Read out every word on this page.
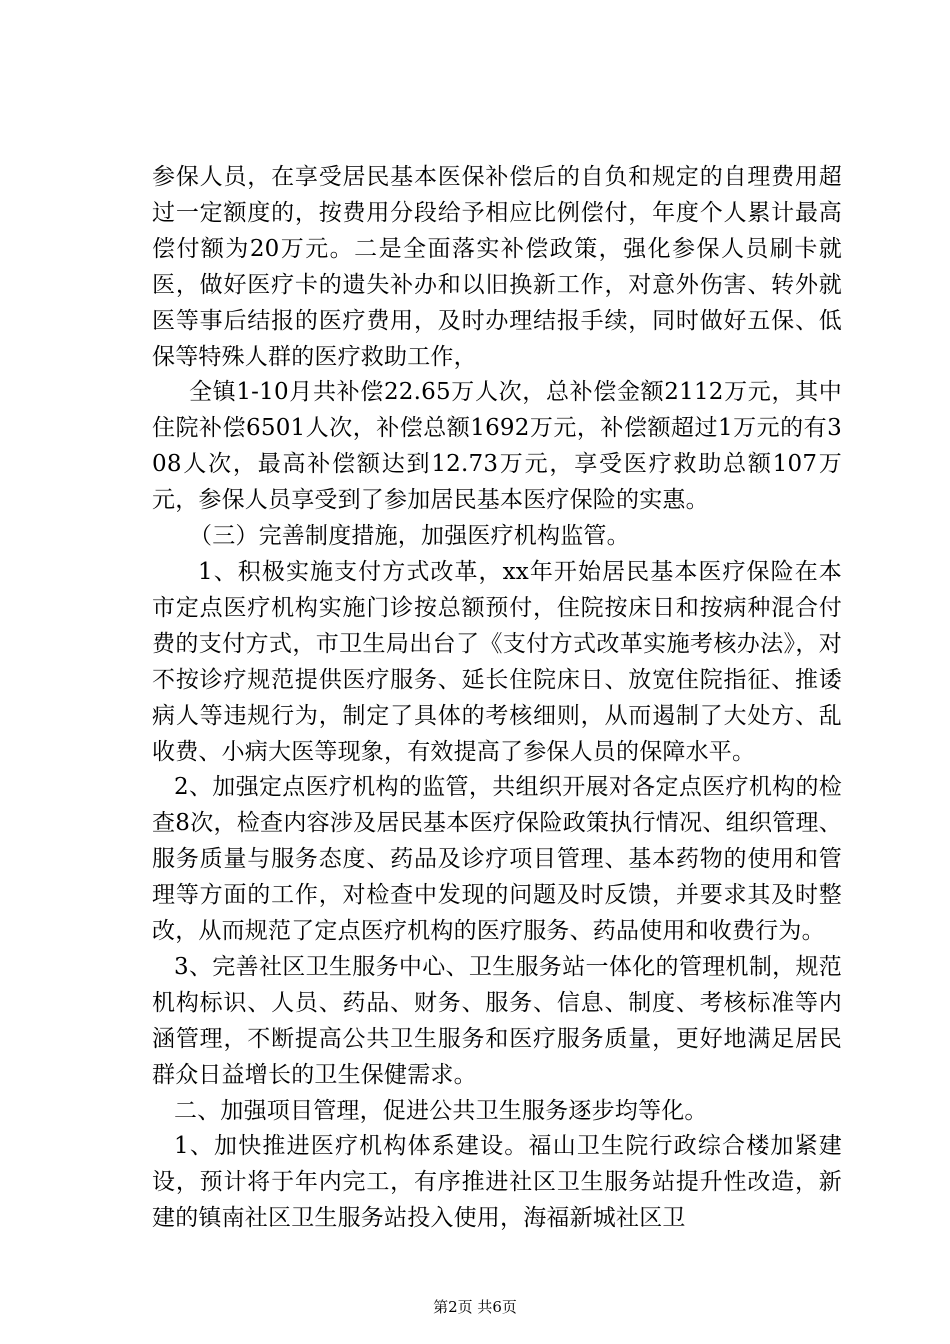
参保人员，在享受居民基本医保补偿后的自负和规定的自理费用超过一定额度的，按费用分段给予相应比例偿付，年度个人累计最高偿付额为20万元。二是全面落实补偿政策，强化参保人员刷卡就医，做好医疗卡的遗失补办和以旧换新工作，对意外伤害、转外就医等事后结报的医疗费用，及时办理结报手续，同时做好五保、低保等特殊人群的医疗救助工作，

全镇1-10月共补偿22.65万人次，总补偿金额2112万元，其中住院补偿6501人次，补偿总额1692万元，补偿额超过1万元的有308人次，最高补偿额达到12.73万元，享受医疗救助总额107万元，参保人员享受到了参加居民基本医疗保险的实惠。

（三）完善制度措施，加强医疗机构监管。

1、积极实施支付方式改革，xx年开始居民基本医疗保险在本市定点医疗机构实施门诊按总额预付，住院按床日和按病种混合付费的支付方式，市卫生局出台了《支付方式改革实施考核办法》，对不按诊疗规范提供医疗服务、延长住院床日、放宽住院指征、推诿病人等违规行为，制定了具体的考核细则，从而遏制了大处方、乱收费、小病大医等现象，有效提高了参保人员的保障水平。

2、加强定点医疗机构的监管，共组织开展对各定点医疗机构的检查8次，检查内容涉及居民基本医疗保险政策执行情况、组织管理、服务质量与服务态度、药品及诊疗项目管理、基本药物的使用和管理等方面的工作，对检查中发现的问题及时反馈，并要求其及时整改，从而规范了定点医疗机构的医疗服务、药品使用和收费行为。

3、完善社区卫生服务中心、卫生服务站一体化的管理机制，规范机构标识、人员、药品、财务、服务、信息、制度、考核标准等内涵管理，不断提高公共卫生服务和医疗服务质量，更好地满足居民群众日益增长的卫生保健需求。

二、加强项目管理，促进公共卫生服务逐步均等化。

1、加快推进医疗机构体系建设。福山卫生院行政综合楼加紧建设，预计将于年内完工，有序推进社区卫生服务站提升性改造，新建的镇南社区卫生服务站投入使用，海福新城社区卫

第2页 共6页
